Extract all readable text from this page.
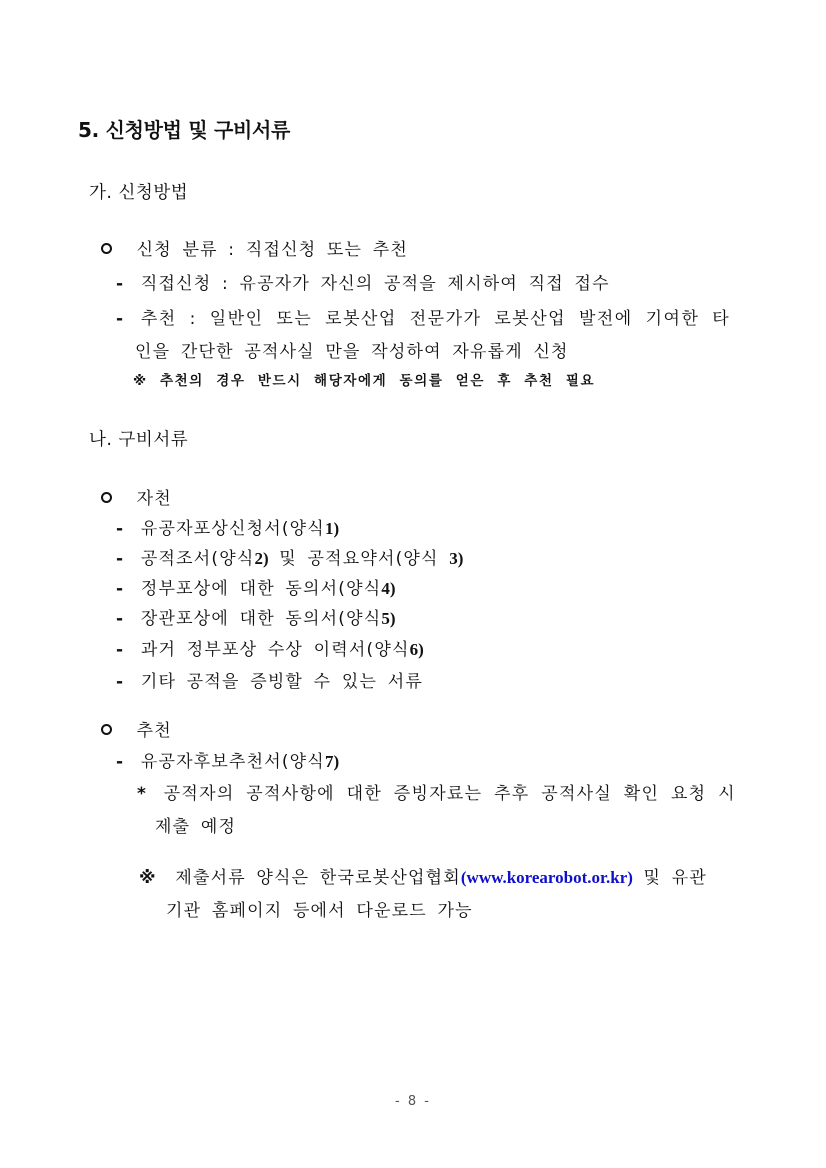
5. 신청방법 및 구비서류
가. 신청방법
신청 분류 : 직접신청 또는 추천
- 직접신청 : 유공자가 자신의 공적을 제시하여 직접 접수
- 추천 : 일반인 또는 로봇산업 전문가가 로봇산업 발전에 기여한 타
인을 간단한 공적사실 만을 작성하여 자유롭게 신청
※ 추천의 경우 반드시 해당자에게 동의를 얻은 후 추천 필요
나. 구비서류
자천
- 유공자포상신청서(양식1)
- 공적조서(양식2) 및 공적요약서(양식 3)
- 정부포상에 대한 동의서(양식4)
- 장관포상에 대한 동의서(양식5)
- 과거 정부포상 수상 이력서(양식6)
- 기타 공적을 증빙할 수 있는 서류
추천
- 유공자후보추천서(양식7)
* 공적자의 공적사항에 대한 증빙자료는 추후 공적사실 확인 요청 시
제출 예정
※ 제출서류 양식은 한국로봇산업협회(www.korearobot.or.kr) 및 유관
기관 홈페이지 등에서 다운로드 가능
- 8 -
